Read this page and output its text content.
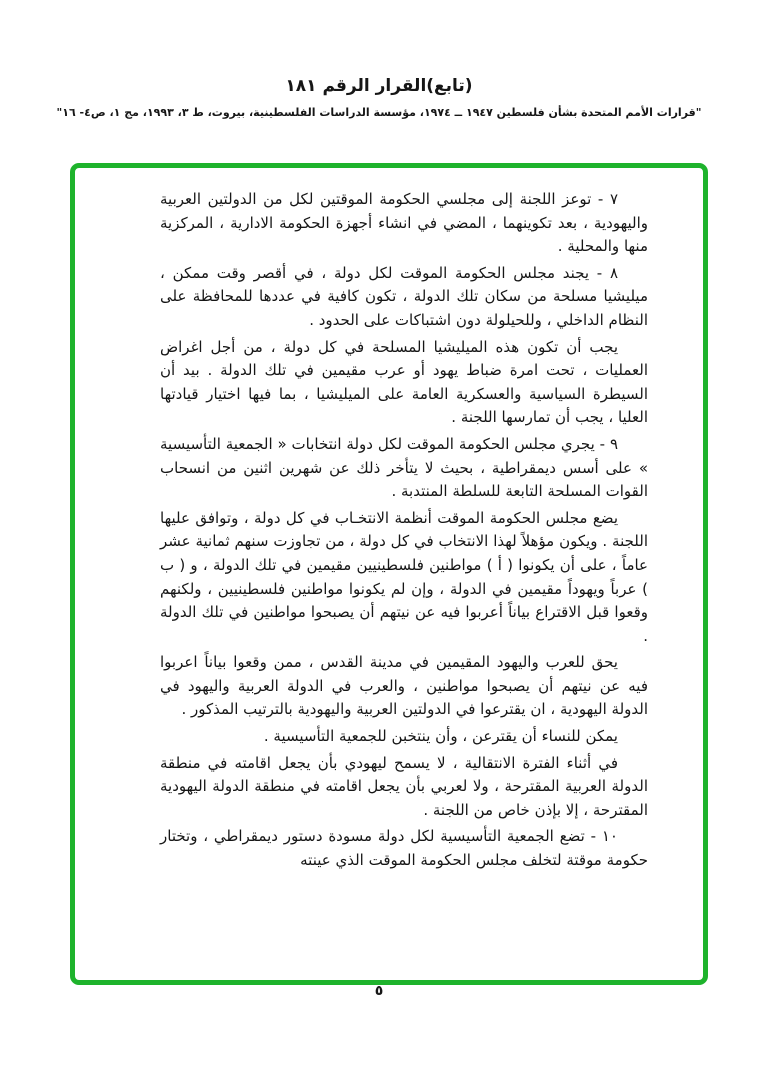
(تابع)القرار الرقم ١٨١
"قرارات الأمم المتحدة بشأن فلسطين ١٩٤٧ ــ ١٩٧٤، مؤسسة الدراسات الفلسطينية، بيروت، ط ٣، ١٩٩٣، مج ١، ص٤- ١٦"

٧ - توعز اللجنة إلى مجلسي الحكومة الموقتين لكل من الدولتين العربية واليهودية ، بعد تكوينهما ، المضي في انشاء أجهزة الحكومة الادارية ، المركزية منها والمحلية .

٨ - يجند مجلس الحكومة الموقت لكل دولة ، في أقصر وقت ممكن ، ميليشيا مسلحة من سكان تلك الدولة ، تكون كافية في عددها للمحافظة على النظام الداخلي ، وللحيلولة دون اشتباكات على الحدود .

يجب أن تكون هذه الميليشيا المسلحة في كل دولة ، من أجل اغراض العمليات ، تحت امرة ضباط يهود أو عرب مقيمين في تلك الدولة . بيد أن السيطرة السياسية والعسكرية العامة على الميليشيا ، بما فيها اختيار قيادتها العليا ، يجب أن تمارسها اللجنة .

٩ - يجري مجلس الحكومة الموقت لكل دولة انتخابات « الجمعية التأسيسية » على أسس ديمقراطية ، بحيث لا يتأخر ذلك عن شهرين اثنين من انسحاب القوات المسلحة التابعة للسلطة المنتدبة .

يضع مجلس الحكومة الموقت أنظمة الانتخـاب في كل دولة ، وتوافق عليها اللجنة . ويكون مؤهلاً لهذا الانتخاب في كل دولة ، من تجاوزت سنهم ثمانية عشر عاماً ، على أن يكونوا ( أ ) مواطنين فلسطينيين مقيمين في تلك الدولة ، و ( ب ) عرباً ويهوداً مقيمين في الدولة ، وإن لم يكونوا مواطنين فلسطينيين ، ولكنهم وقعوا قبل الاقتراع بياناً أعربوا فيه عن نيتهم أن يصبحوا مواطنين في تلك الدولة .

يحق للعرب واليهود المقيمين في مدينة القدس ، ممن وقعوا بياناً اعربوا فيه عن نيتهم أن يصبحوا مواطنين ، والعرب في الدولة العربية واليهود في الدولة اليهودية ، ان يقترعوا في الدولتين العربية واليهودية بالترتيب المذكور .

يمكن للنساء أن يقترعن ، وأن ينتخبن للجمعية التأسيسية .

في أثناء الفترة الانتقالية ، لا يسمح ليهودي بأن يجعل اقامته في منطقة الدولة العربية المقترحة ، ولا لعربي بأن يجعل اقامته في منطقة الدولة اليهودية المقترحة ، إلا بإذن خاص من اللجنة .

١٠ - تضع الجمعية التأسيسية لكل دولة مسودة دستور ديمقراطي ، وتختار حكومة موقتة لتخلف مجلس الحكومة الموقت الذي عينته

٥
